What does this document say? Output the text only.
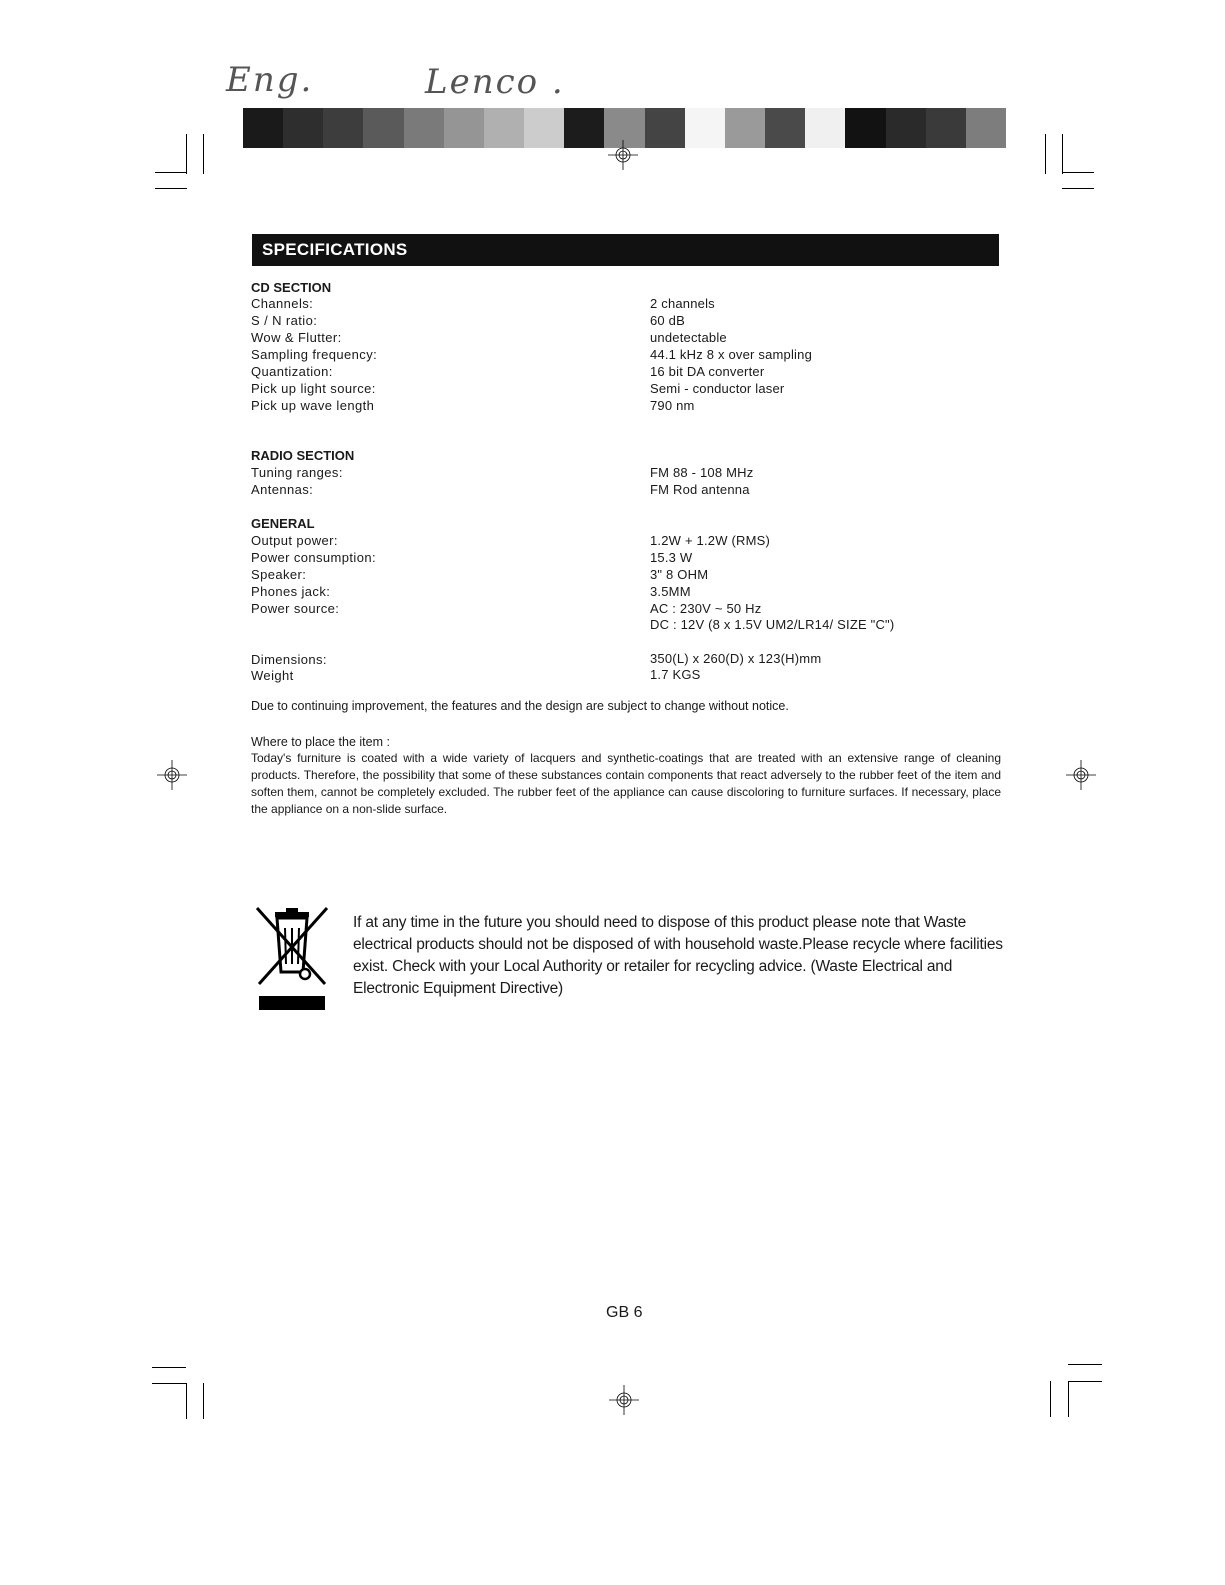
Eng.	Lenco .
SPECIFICATIONS
CD SECTION
Channels:	2 channels
S / N ratio:	60 dB
Wow & Flutter:	undetectable
Sampling frequency:	44.1 kHz 8 x over sampling
Quantization:	16 bit DA converter
Pick up light source:	Semi - conductor laser
Pick up wave length	790 nm
RADIO SECTION
Tuning ranges:	FM 88 - 108 MHz
Antennas:	FM Rod antenna
GENERAL
Output power:	1.2W + 1.2W (RMS)
Power consumption:	15.3 W
Speaker:	3" 8 OHM
Phones jack:	3.5MM
Power source:	AC : 230V ~ 50 Hz
DC : 12V (8 x 1.5V UM2/LR14/ SIZE "C")
Dimensions:	350(L) x 260(D) x 123(H)mm
Weight	1.7 KGS
Due to continuing improvement, the features and the design are subject to change without notice.
Where to place the item :
Today's furniture is coated with a wide variety of lacquers and synthetic-coatings that are treated with an extensive range of cleaning products. Therefore, the possibility that some of these substances contain components that react adversely to the rubber feet of the item and soften them, cannot be completely excluded. The rubber feet of the appliance can cause discoloring to furniture surfaces. If necessary, place the appliance on a non-slide surface.
If at any time in the future you should need to dispose of this product please note that Waste electrical products should not be disposed of with household waste.Please recycle where facilities exist. Check with your Local Authority or retailer for recycling advice. (Waste Electrical and Electronic Equipment Directive)
GB 6
